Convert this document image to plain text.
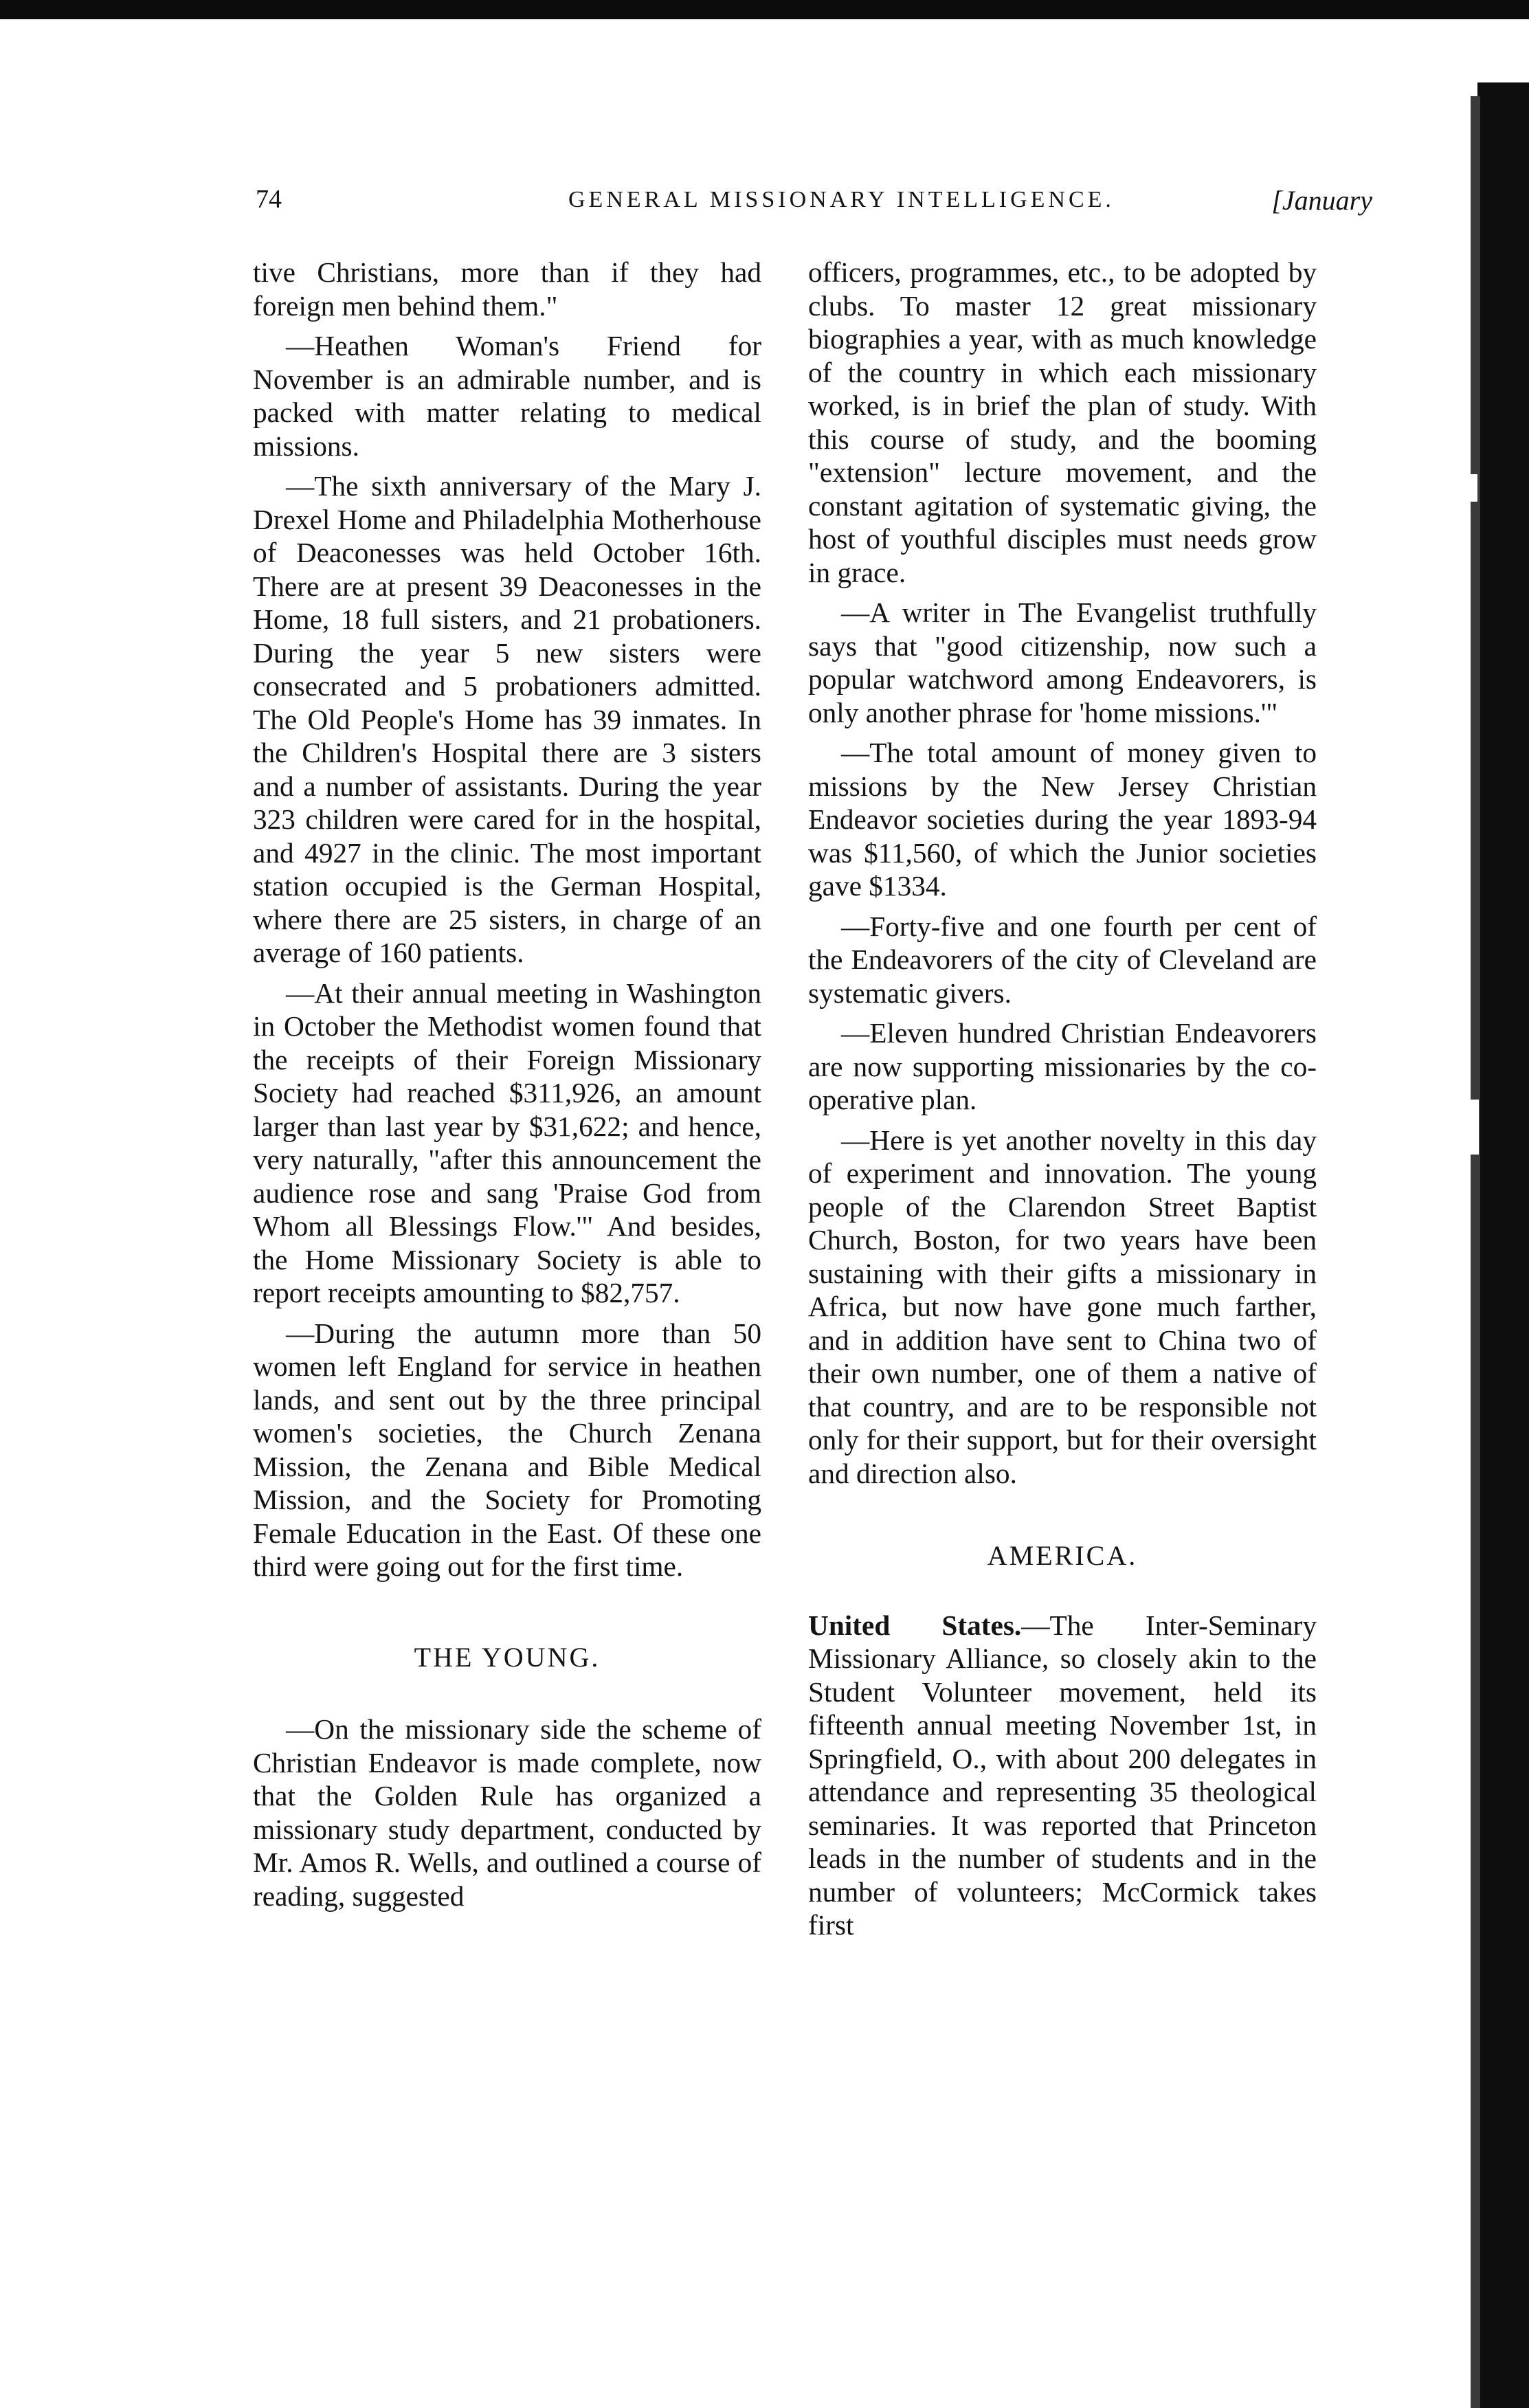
74	GENERAL MISSIONARY INTELLIGENCE.	[January

tive Christians, more than if they had foreign men behind them."

—Heathen Woman's Friend for November is an admirable number, and is packed with matter relating to medical missions.

—The sixth anniversary of the Mary J. Drexel Home and Philadelphia Motherhouse of Deaconesses was held October 16th. There are at present 39 Deaconesses in the Home, 18 full sisters, and 21 probationers. During the year 5 new sisters were consecrated and 5 probationers admitted. The Old People's Home has 39 inmates. In the Children's Hospital there are 3 sisters and a number of assistants. During the year 323 children were cared for in the hospital, and 4927 in the clinic. The most important station occupied is the German Hospital, where there are 25 sisters, in charge of an average of 160 patients.

—At their annual meeting in Washington in October the Methodist women found that the receipts of their Foreign Missionary Society had reached $311,926, an amount larger than last year by $31,622; and hence, very naturally, "after this announcement the audience rose and sang 'Praise God from Whom all Blessings Flow.'" And besides, the Home Missionary Society is able to report receipts amounting to $82,757.

—During the autumn more than 50 women left England for service in heathen lands, and sent out by the three principal women's societies, the Church Zenana Mission, the Zenana and Bible Medical Mission, and the Society for Promoting Female Education in the East. Of these one third were going out for the first time.

THE YOUNG.

—On the missionary side the scheme of Christian Endeavor is made complete, now that the Golden Rule has organized a missionary study department, conducted by Mr. Amos R. Wells, and outlined a course of reading, suggested

officers, programmes, etc., to be adopted by clubs. To master 12 great missionary biographies a year, with as much knowledge of the country in which each missionary worked, is in brief the plan of study. With this course of study, and the booming "extension" lecture movement, and the constant agitation of systematic giving, the host of youthful disciples must needs grow in grace.

—A writer in The Evangelist truthfully says that "good citizenship, now such a popular watchword among Endeavorers, is only another phrase for 'home missions.'"

—The total amount of money given to missions by the New Jersey Christian Endeavor societies during the year 1893-94 was $11,560, of which the Junior societies gave $1334.

—Forty-five and one fourth per cent of the Endeavorers of the city of Cleveland are systematic givers.

—Eleven hundred Christian Endeavorers are now supporting missionaries by the co-operative plan.

—Here is yet another novelty in this day of experiment and innovation. The young people of the Clarendon Street Baptist Church, Boston, for two years have been sustaining with their gifts a missionary in Africa, but now have gone much farther, and in addition have sent to China two of their own number, one of them a native of that country, and are to be responsible not only for their support, but for their oversight and direction also.

AMERICA.

United States.—The Inter-Seminary Missionary Alliance, so closely akin to the Student Volunteer movement, held its fifteenth annual meeting November 1st, in Springfield, O., with about 200 delegates in attendance and representing 35 theological seminaries. It was reported that Princeton leads in the number of students and in the number of volunteers; McCormick takes first
